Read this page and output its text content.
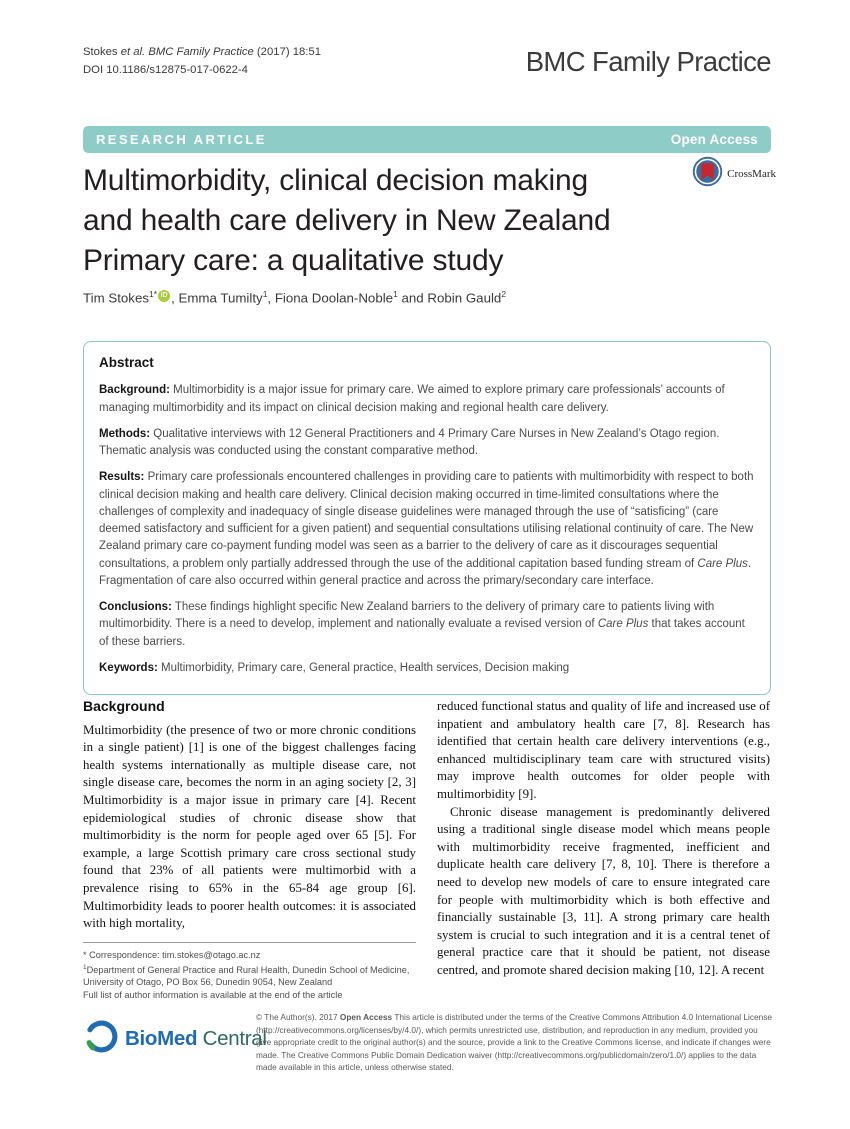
Stokes et al. BMC Family Practice (2017) 18:51
DOI 10.1186/s12875-017-0622-4	BMC Family Practice
RESEARCH ARTICLE	Open Access
CrossMark
Multimorbidity, clinical decision making
and health care delivery in New Zealand
Primary care: a qualitative study
Tim Stokes$^{1*}$ iD , Emma Tumilty$^1$, Fiona Doolan-Noble$^1$ and Robin Gauld$^2$
Abstract

Background: Multimorbidity is a major issue for primary care. We aimed to explore primary care professionals’ accounts of managing multimorbidity and its impact on clinical decision making and regional health care delivery.

Methods: Qualitative interviews with 12 General Practitioners and 4 Primary Care Nurses in New Zealand’s Otago region. Thematic analysis was conducted using the constant comparative method.

Results: Primary care professionals encountered challenges in providing care to patients with multimorbidity with respect to both clinical decision making and health care delivery. Clinical decision making occurred in time-limited consultations where the challenges of complexity and inadequacy of single disease guidelines were managed through the use of “satisficing” (care deemed satisfactory and sufficient for a given patient) and sequential consultations utilising relational continuity of care. The New Zealand primary care co-payment funding model was seen as a barrier to the delivery of care as it discourages sequential consultations, a problem only partially addressed through the use of the additional capitation based funding stream of Care Plus. Fragmentation of care also occurred within general practice and across the primary/secondary care interface.

Conclusions: These findings highlight specific New Zealand barriers to the delivery of primary care to patients living with multimorbidity. There is a need to develop, implement and nationally evaluate a revised version of Care Plus that takes account of these barriers.

Keywords: Multimorbidity, Primary care, General practice, Health services, Decision making

Background

Multimorbidity (the presence of two or more chronic conditions in a single patient) [1] is one of the biggest challenges facing health systems internationally as multiple disease care, not single disease care, becomes the norm in an aging society [2, 3] Multimorbidity is a major issue in primary care [4]. Recent epidemiological studies of chronic disease show that multimorbidity is the norm for people aged over 65 [5]. For example, a large Scottish primary care cross sectional study found that 23% of all patients were multimorbid with a prevalence rising to 65% in the 65-84 age group [6]. Multimorbidity leads to poorer health outcomes: it is associated with high mortality,

* Correspondence: tim.stokes@otago.ac.nz
$^1$Department of General Practice and Rural Health, Dunedin School of Medicine, University of Otago, PO Box 56, Dunedin 9054, New Zealand
Full list of author information is available at the end of the article

reduced functional status and quality of life and increased use of inpatient and ambulatory health care [7, 8]. Research has identified that certain health care delivery interventions (e.g., enhanced multidisciplinary team care with structured visits) may improve health outcomes for older people with multimorbidity [9].

Chronic disease management is predominantly delivered using a traditional single disease model which means people with multimorbidity receive fragmented, inefficient and duplicate health care delivery [7, 8, 10]. There is therefore a need to develop new models of care to ensure integrated care for people with multimorbidity which is both effective and financially sustainable [3, 11]. A strong primary care health system is crucial to such integration and it is a central tenet of general practice care that it should be patient, not disease centred, and promote shared decision making [10, 12]. A recent

BioMed Central
© The Author(s). 2017 Open Access This article is distributed under the terms of the Creative Commons Attribution 4.0 International License (http://creativecommons.org/licenses/by/4.0/), which permits unrestricted use, distribution, and reproduction in any medium, provided you give appropriate credit to the original author(s) and the source, provide a link to the Creative Commons license, and indicate if changes were made. The Creative Commons Public Domain Dedication waiver (http://creativecommons.org/publicdomain/zero/1.0/) applies to the data made available in this article, unless otherwise stated.
